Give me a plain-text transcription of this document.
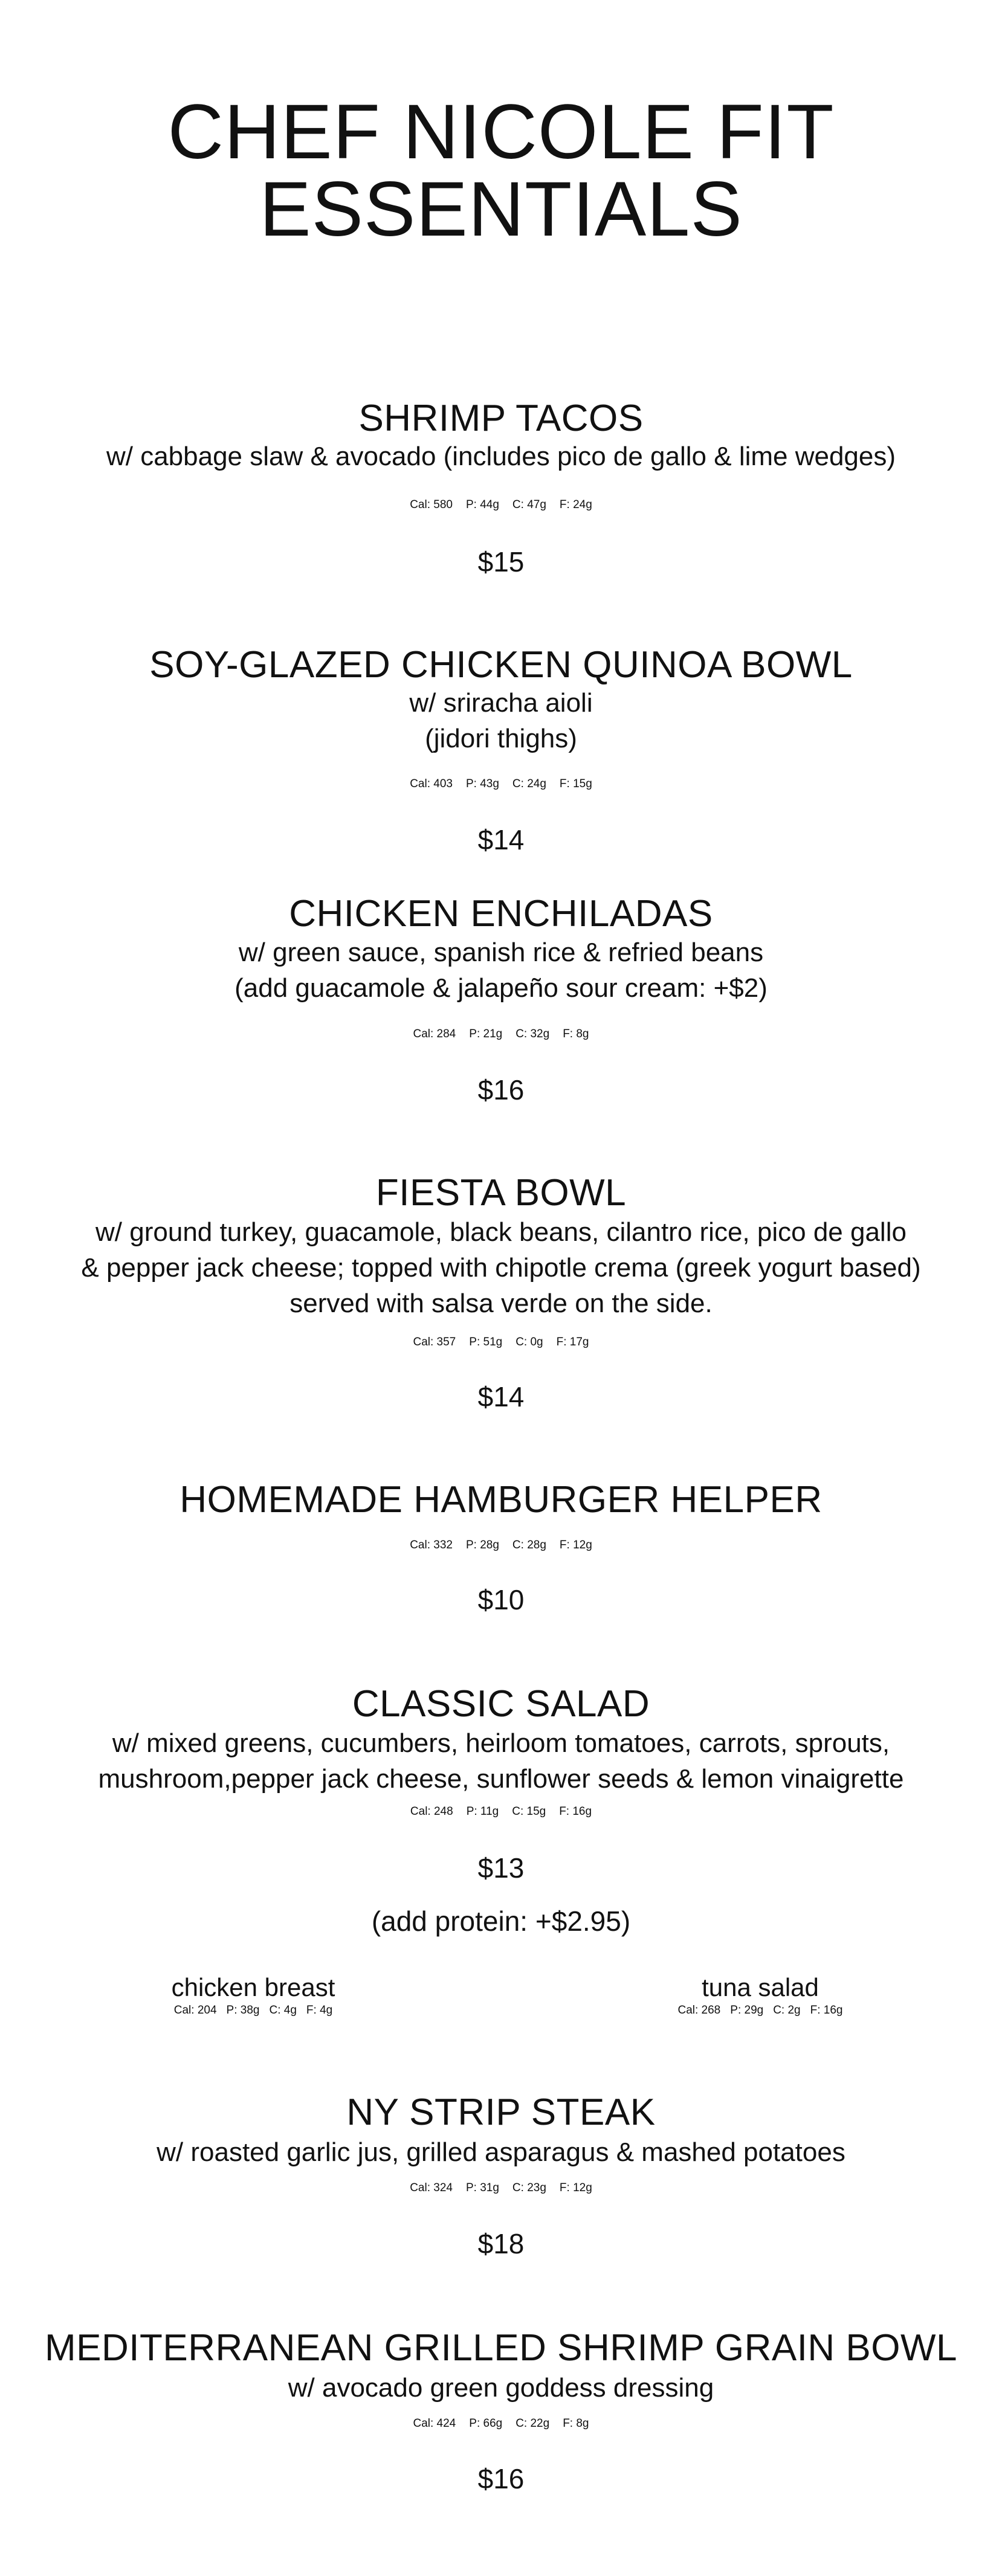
CHEF NICOLE FIT
ESSENTIALS
SHRIMP TACOS
w/ cabbage slaw & avocado (includes pico de gallo & lime wedges)
Cal: 580 P: 44g C: 47g F: 24g
$15
SOY-GLAZED CHICKEN QUINOA BOWL
w/ sriracha aioli
(jidori thighs)
Cal: 403 P: 43g C: 24g F: 15g
$14
CHICKEN ENCHILADAS
w/ green sauce, spanish rice & refried beans
(add guacamole & jalapeño sour cream: +$2)
Cal: 284 P: 21g C: 32g F: 8g
$16
FIESTA BOWL
w/ ground turkey, guacamole, black beans, cilantro rice, pico de gallo
& pepper jack cheese; topped with chipotle crema (greek yogurt based)
served with salsa verde on the side.
Cal: 357 P: 51g C: 0g F: 17g
$14
HOMEMADE HAMBURGER HELPER
Cal: 332 P: 28g C: 28g F: 12g
$10
CLASSIC SALAD
w/ mixed greens, cucumbers, heirloom tomatoes, carrots, sprouts,
mushroom,pepper jack cheese, sunflower seeds & lemon vinaigrette
Cal: 248 P: 11g C: 15g F: 16g
$13
(add protein: +$2.95)
chicken breast
Cal: 204 P: 38g C: 4g F: 4g
tuna salad
Cal: 268 P: 29g C: 2g F: 16g
NY STRIP STEAK
w/ roasted garlic jus, grilled asparagus & mashed potatoes
Cal: 324 P: 31g C: 23g F: 12g
$18
MEDITERRANEAN GRILLED SHRIMP GRAIN BOWL
w/ avocado green goddess dressing
Cal: 424 P: 66g C: 22g F: 8g
$16
